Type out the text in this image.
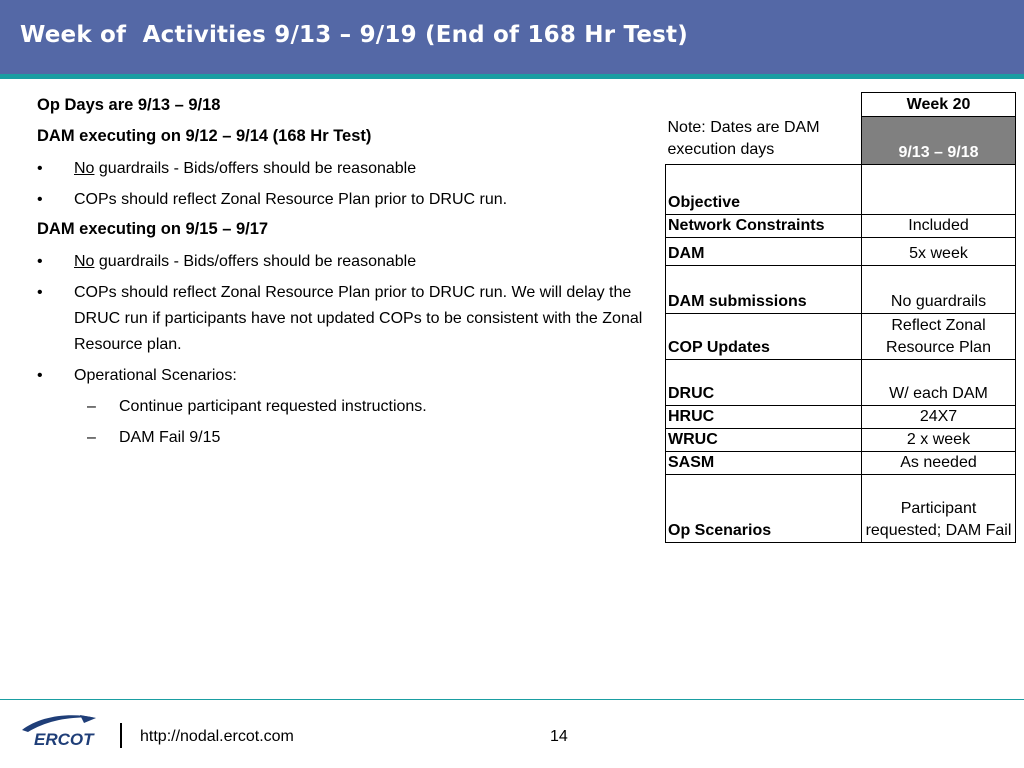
Week of  Activities 9/13 – 9/19 (End of 168 Hr Test)
Op Days are 9/13 – 9/18
DAM executing on 9/12 – 9/14 (168 Hr Test)
• No guardrails - Bids/offers should be reasonable
• COPs should reflect Zonal Resource Plan prior to DRUC run.
DAM executing on 9/15 – 9/17
• No guardrails - Bids/offers should be reasonable
• COPs should reflect Zonal Resource Plan prior to DRUC run. We will delay the DRUC run if participants have not updated COPs to be consistent with the Zonal Resource plan.
• Operational Scenarios:
– Continue participant requested instructions.
– DAM Fail 9/15
	Week 20
Note: Dates are DAM execution days	9/13 – 9/18
Objective	
Network Constraints	Included
DAM	5x week
DAM submissions	No guardrails
COP Updates	Reflect Zonal Resource Plan
DRUC	W/ each DAM
HRUC	24X7
WRUC	2 x week
SASM	As needed
Op Scenarios	Participant requested; DAM Fail
ERCOT	http://nodal.ercot.com	14
